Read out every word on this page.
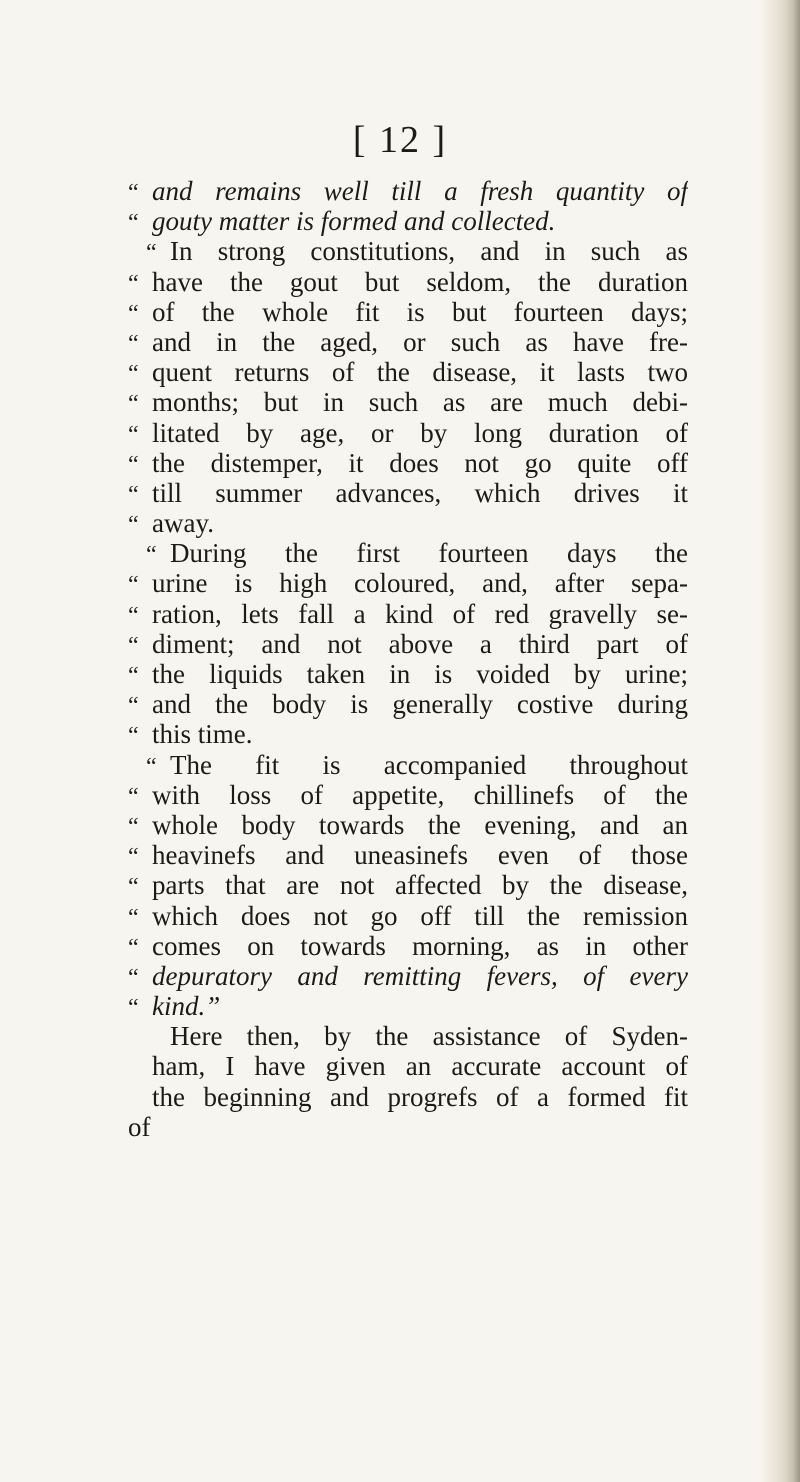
[ 12 ]
“ and remains well till a fresh quantity of
“ gouty matter is formed and collected.
“ In strong constitutions, and in such as
“ have the gout but seldom, the duration
“ of the whole fit is but fourteen days;
“ and in the aged, or such as have fre-
“ quent returns of the disease, it lasts two
“ months; but in such as are much debi-
“ litated by age, or by long duration of
“ the distemper, it does not go quite off
“ till summer advances, which drives it
“ away.
“ During the first fourteen days the
“ urine is high coloured, and, after sepa-
“ ration, lets fall a kind of red gravelly se-
“ diment; and not above a third part of
“ the liquids taken in is voided by urine;
“ and the body is generally costive during
“ this time.
“ The fit is accompanied throughout
“ with loss of appetite, chillinefs of the
“ whole body towards the evening, and an
“ heavinefs and uneasinefs even of those
“ parts that are not affected by the disease,
“ which does not go off till the remission
“ comes on towards morning, as in other
“ depuratory and remitting fevers, of every
“ kind.”
Here then, by the assistance of Syden-
ham, I have given an accurate account of
the beginning and progrefs of a formed fit
of
